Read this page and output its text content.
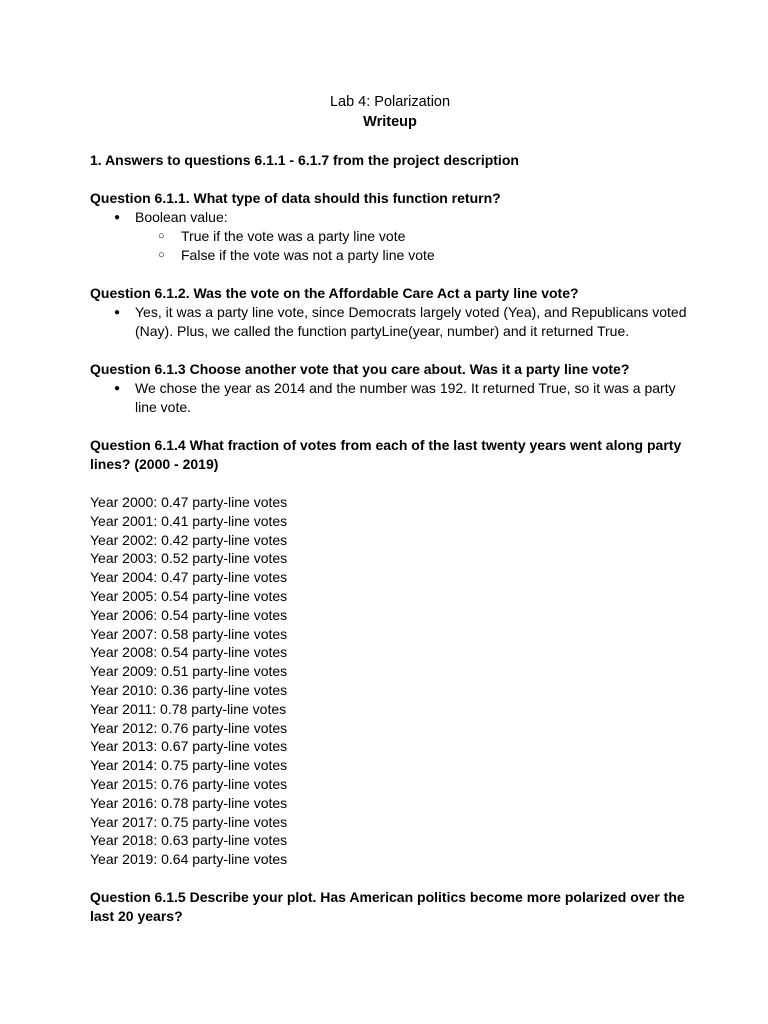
Lab 4: Polarization
Writeup

1. Answers to questions 6.1.1 - 6.1.7 from the project description

Question 6.1.1. What type of data should this function return?

● Boolean value:
○ True if the vote was a party line vote
○ False if the vote was not a party line vote

Question 6.1.2. Was the vote on the Affordable Care Act a party line vote?

● Yes, it was a party line vote, since Democrats largely voted (Yea), and Republicans voted (Nay). Plus, we called the function partyLine(year, number) and it returned True.

Question 6.1.3 Choose another vote that you care about. Was it a party line vote?

● We chose the year as 2014 and the number was 192. It returned True, so it was a party line vote.

Question 6.1.4 What fraction of votes from each of the last twenty years went along party lines? (2000 - 2019)

Year 2000: 0.47 party-line votes
Year 2001: 0.41 party-line votes
Year 2002: 0.42 party-line votes
Year 2003: 0.52 party-line votes
Year 2004: 0.47 party-line votes
Year 2005: 0.54 party-line votes
Year 2006: 0.54 party-line votes
Year 2007: 0.58 party-line votes
Year 2008: 0.54 party-line votes
Year 2009: 0.51 party-line votes
Year 2010: 0.36 party-line votes
Year 2011: 0.78 party-line votes
Year 2012: 0.76 party-line votes
Year 2013: 0.67 party-line votes
Year 2014: 0.75 party-line votes
Year 2015: 0.76 party-line votes
Year 2016: 0.78 party-line votes
Year 2017: 0.75 party-line votes
Year 2018: 0.63 party-line votes
Year 2019: 0.64 party-line votes

Question 6.1.5 Describe your plot. Has American politics become more polarized over the last 20 years?
